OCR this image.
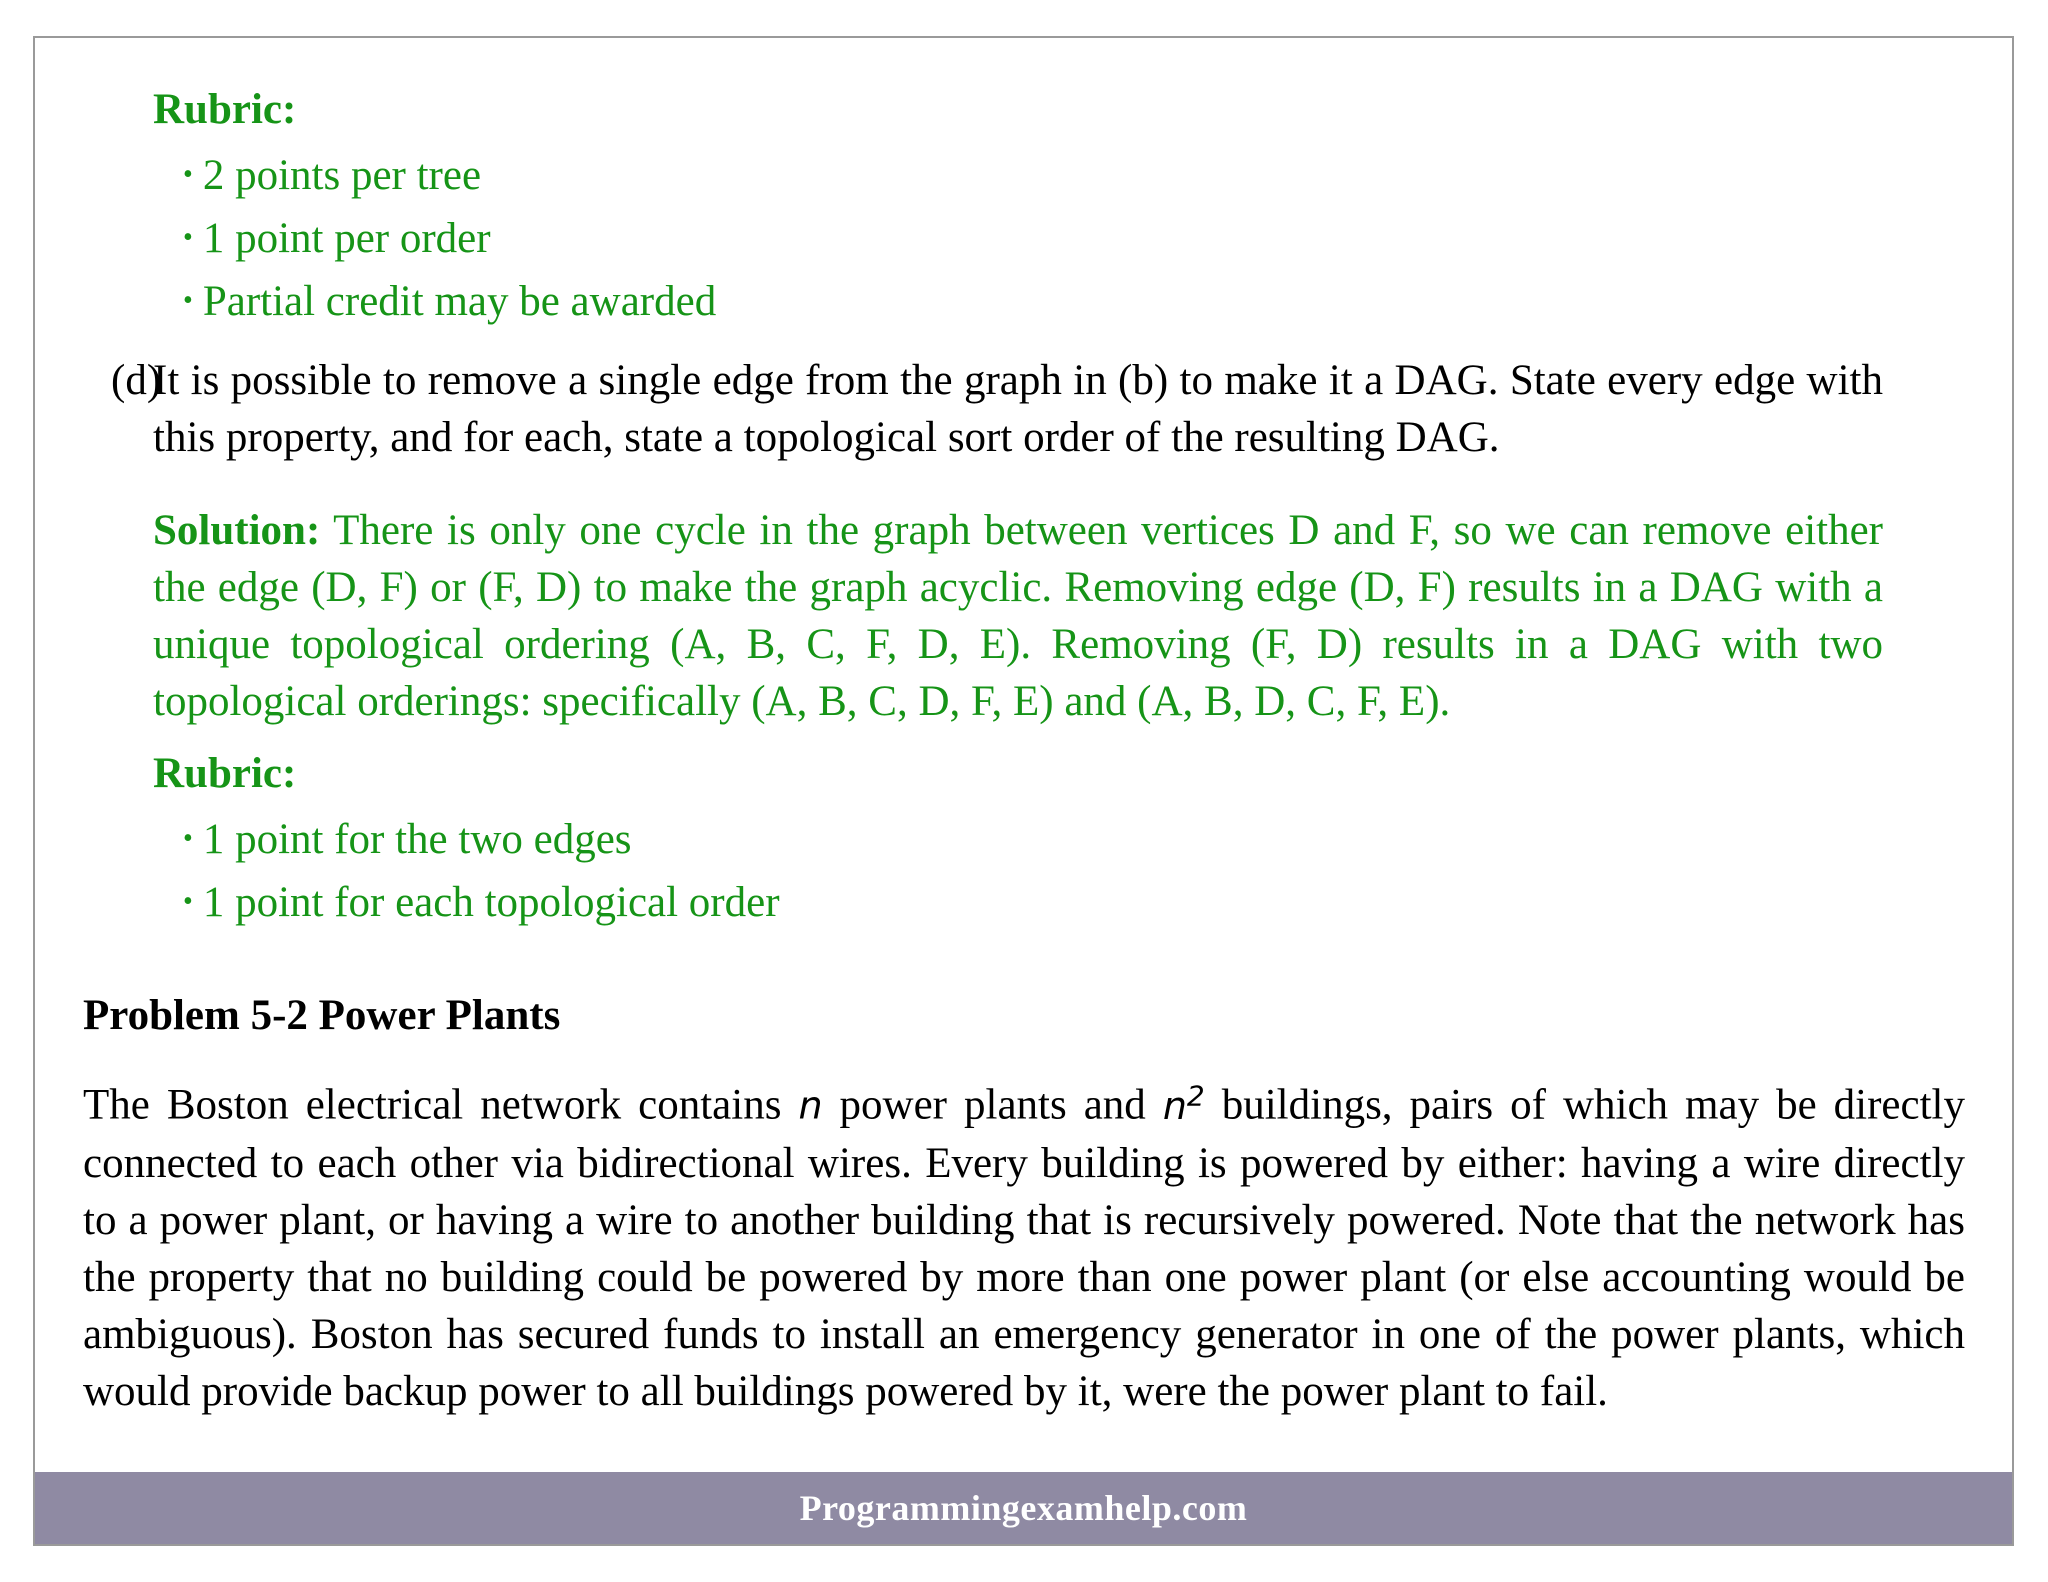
Rubric:
• 2 points per tree
• 1 point per order
• Partial credit may be awarded
(d)
It is possible to remove a single edge from the graph in (b) to make it a DAG. State every edge with this property, and for each, state a topological sort order of the resulting DAG.
Solution: There is only one cycle in the graph between vertices D and F, so we can remove either the edge (D, F) or (F, D) to make the graph acyclic. Removing edge (D, F) results in a DAG with a unique topological ordering (A, B, C, F, D, E). Removing (F, D) results in a DAG with two topological orderings: specifically (A, B, C, D, F, E) and (A, B, D, C, F, E).
Rubric:
• 1 point for the two edges
• 1 point for each topological order
Problem 5-2 Power Plants
The Boston electrical network contains n power plants and $n^2$ buildings, pairs of which may be directly connected to each other via bidirectional wires. Every building is powered by either: having a wire directly to a power plant, or having a wire to another building that is recursively powered. Note that the network has the property that no building could be powered by more than one power plant (or else accounting would be ambiguous). Boston has secured funds to install an emergency generator in one of the power plants, which would provide backup power to all buildings powered by it, were the power plant to fail.
Programmingexamhelp.com
